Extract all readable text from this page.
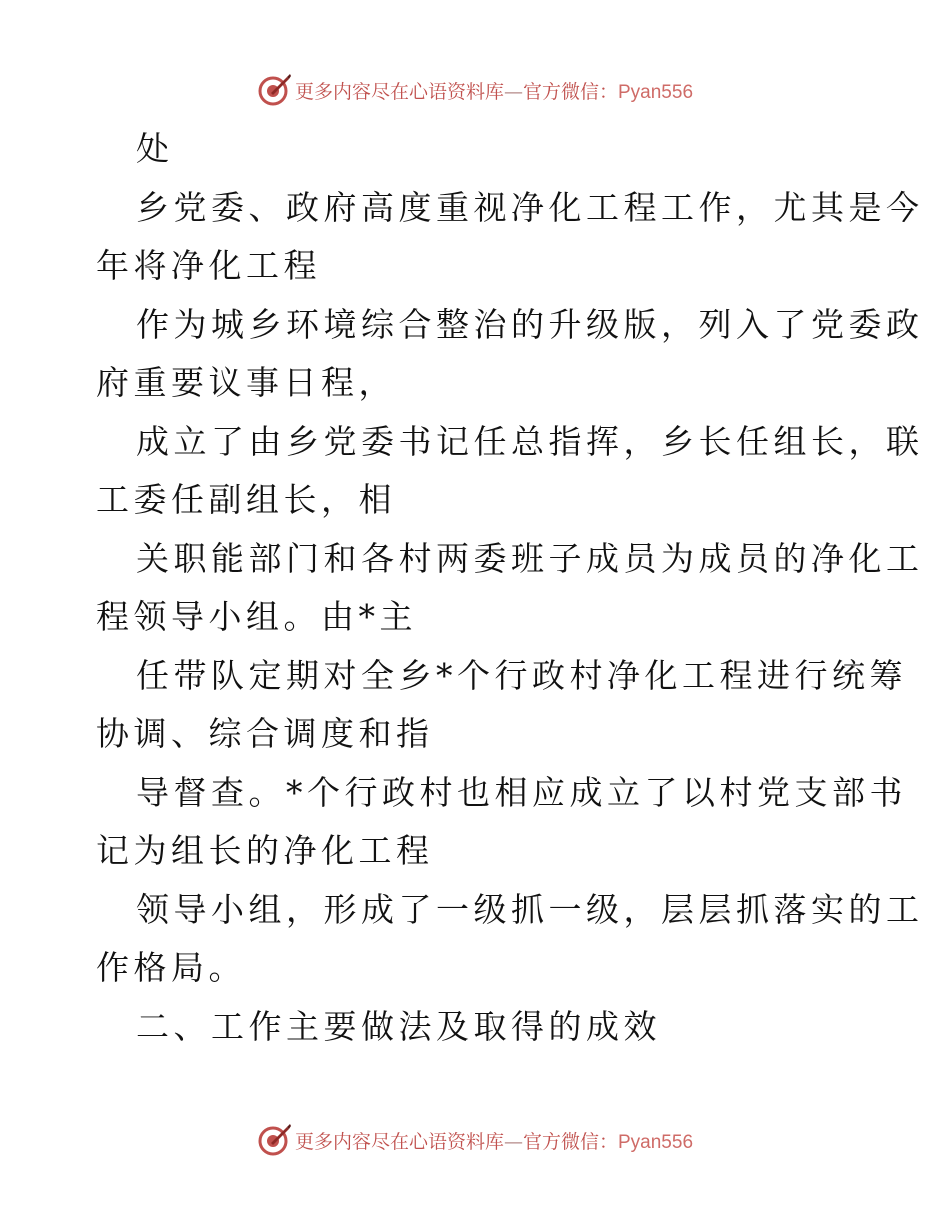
更多内容尽在心语资料库—官方微信：Pyan556

处

乡党委、政府高度重视净化工程工作，尤其是今
年将净化工程

作为城乡环境综合整治的升级版，列入了党委政
府重要议事日程，

成立了由乡党委书记任总指挥，乡长任组长，联
工委任副组长，相

关职能部门和各村两委班子成员为成员的净化工
程领导小组。由*主

任带队定期对全乡*个行政村净化工程进行统筹
协调、综合调度和指

导督查。*个行政村也相应成立了以村党支部书
记为组长的净化工程

领导小组，形成了一级抓一级，层层抓落实的工
作格局。

二、工作主要做法及取得的成效

更多内容尽在心语资料库—官方微信：Pyan556
